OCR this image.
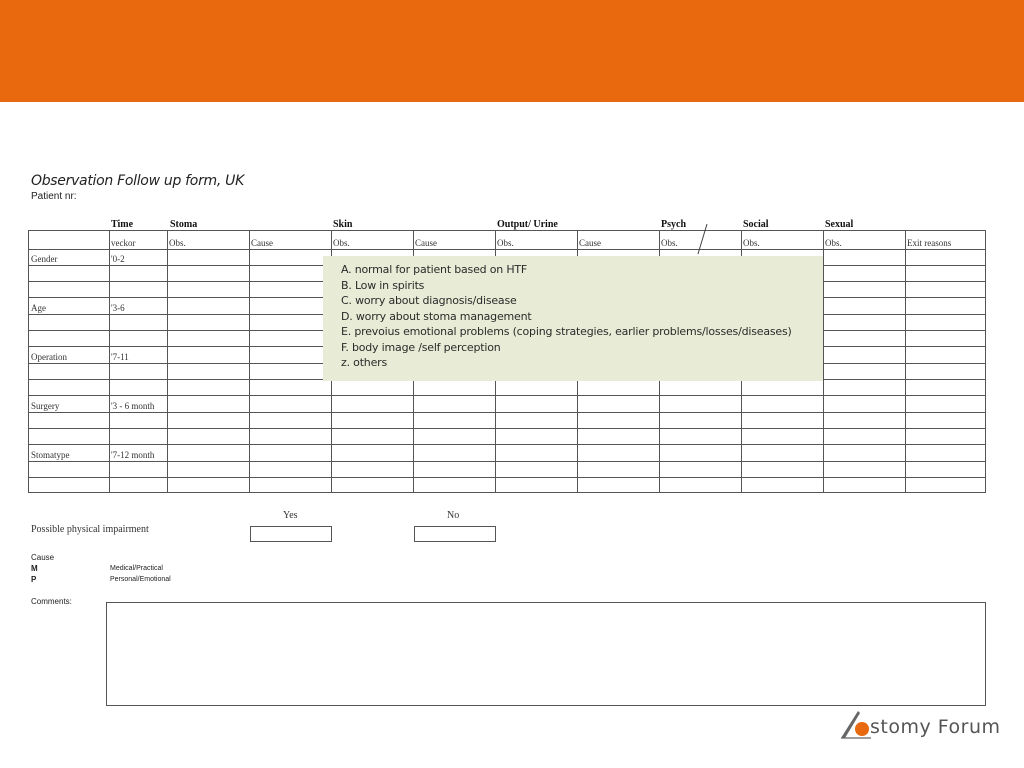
Observation Follow up form, UK
Patient nr:
Time	Stoma	Skin	Output/ Urine	Psych	Social	Sexual
veckor	Obs.	Cause	Obs.	Cause	Obs.	Cause	Obs.	Obs.	Obs.	Exit reasons
Gender	'0-2
Age	'3-6
Operation	'7-11
Surgery	'3 - 6 month
Stomatype	'7-12 month
A. normal for patient based on HTF
B. Low in spirits
C. worry about diagnosis/disease
D. worry about stoma management
E. prevoius emotional problems (coping strategies, earlier problems/losses/diseases)
F. body image /self perception
z. others
Yes	No
Possible physical impairment
Cause
M	Medical/Practical
P	Personal/Emotional
Comments:
stomy Forum
